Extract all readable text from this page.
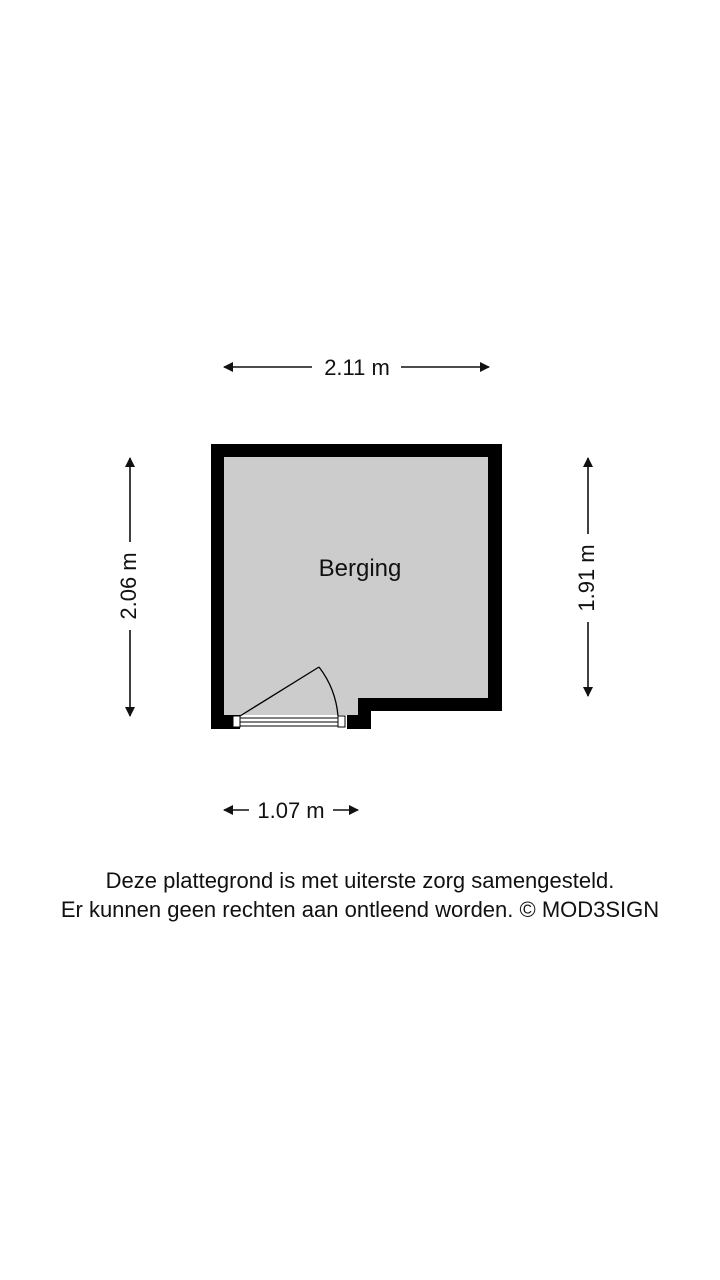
2.11 m
2.06 m	1.91 m
Berging
1.07 m
Deze plattegrond is met uiterste zorg samengesteld.
Er kunnen geen rechten aan ontleend worden. © MOD3SIGN
